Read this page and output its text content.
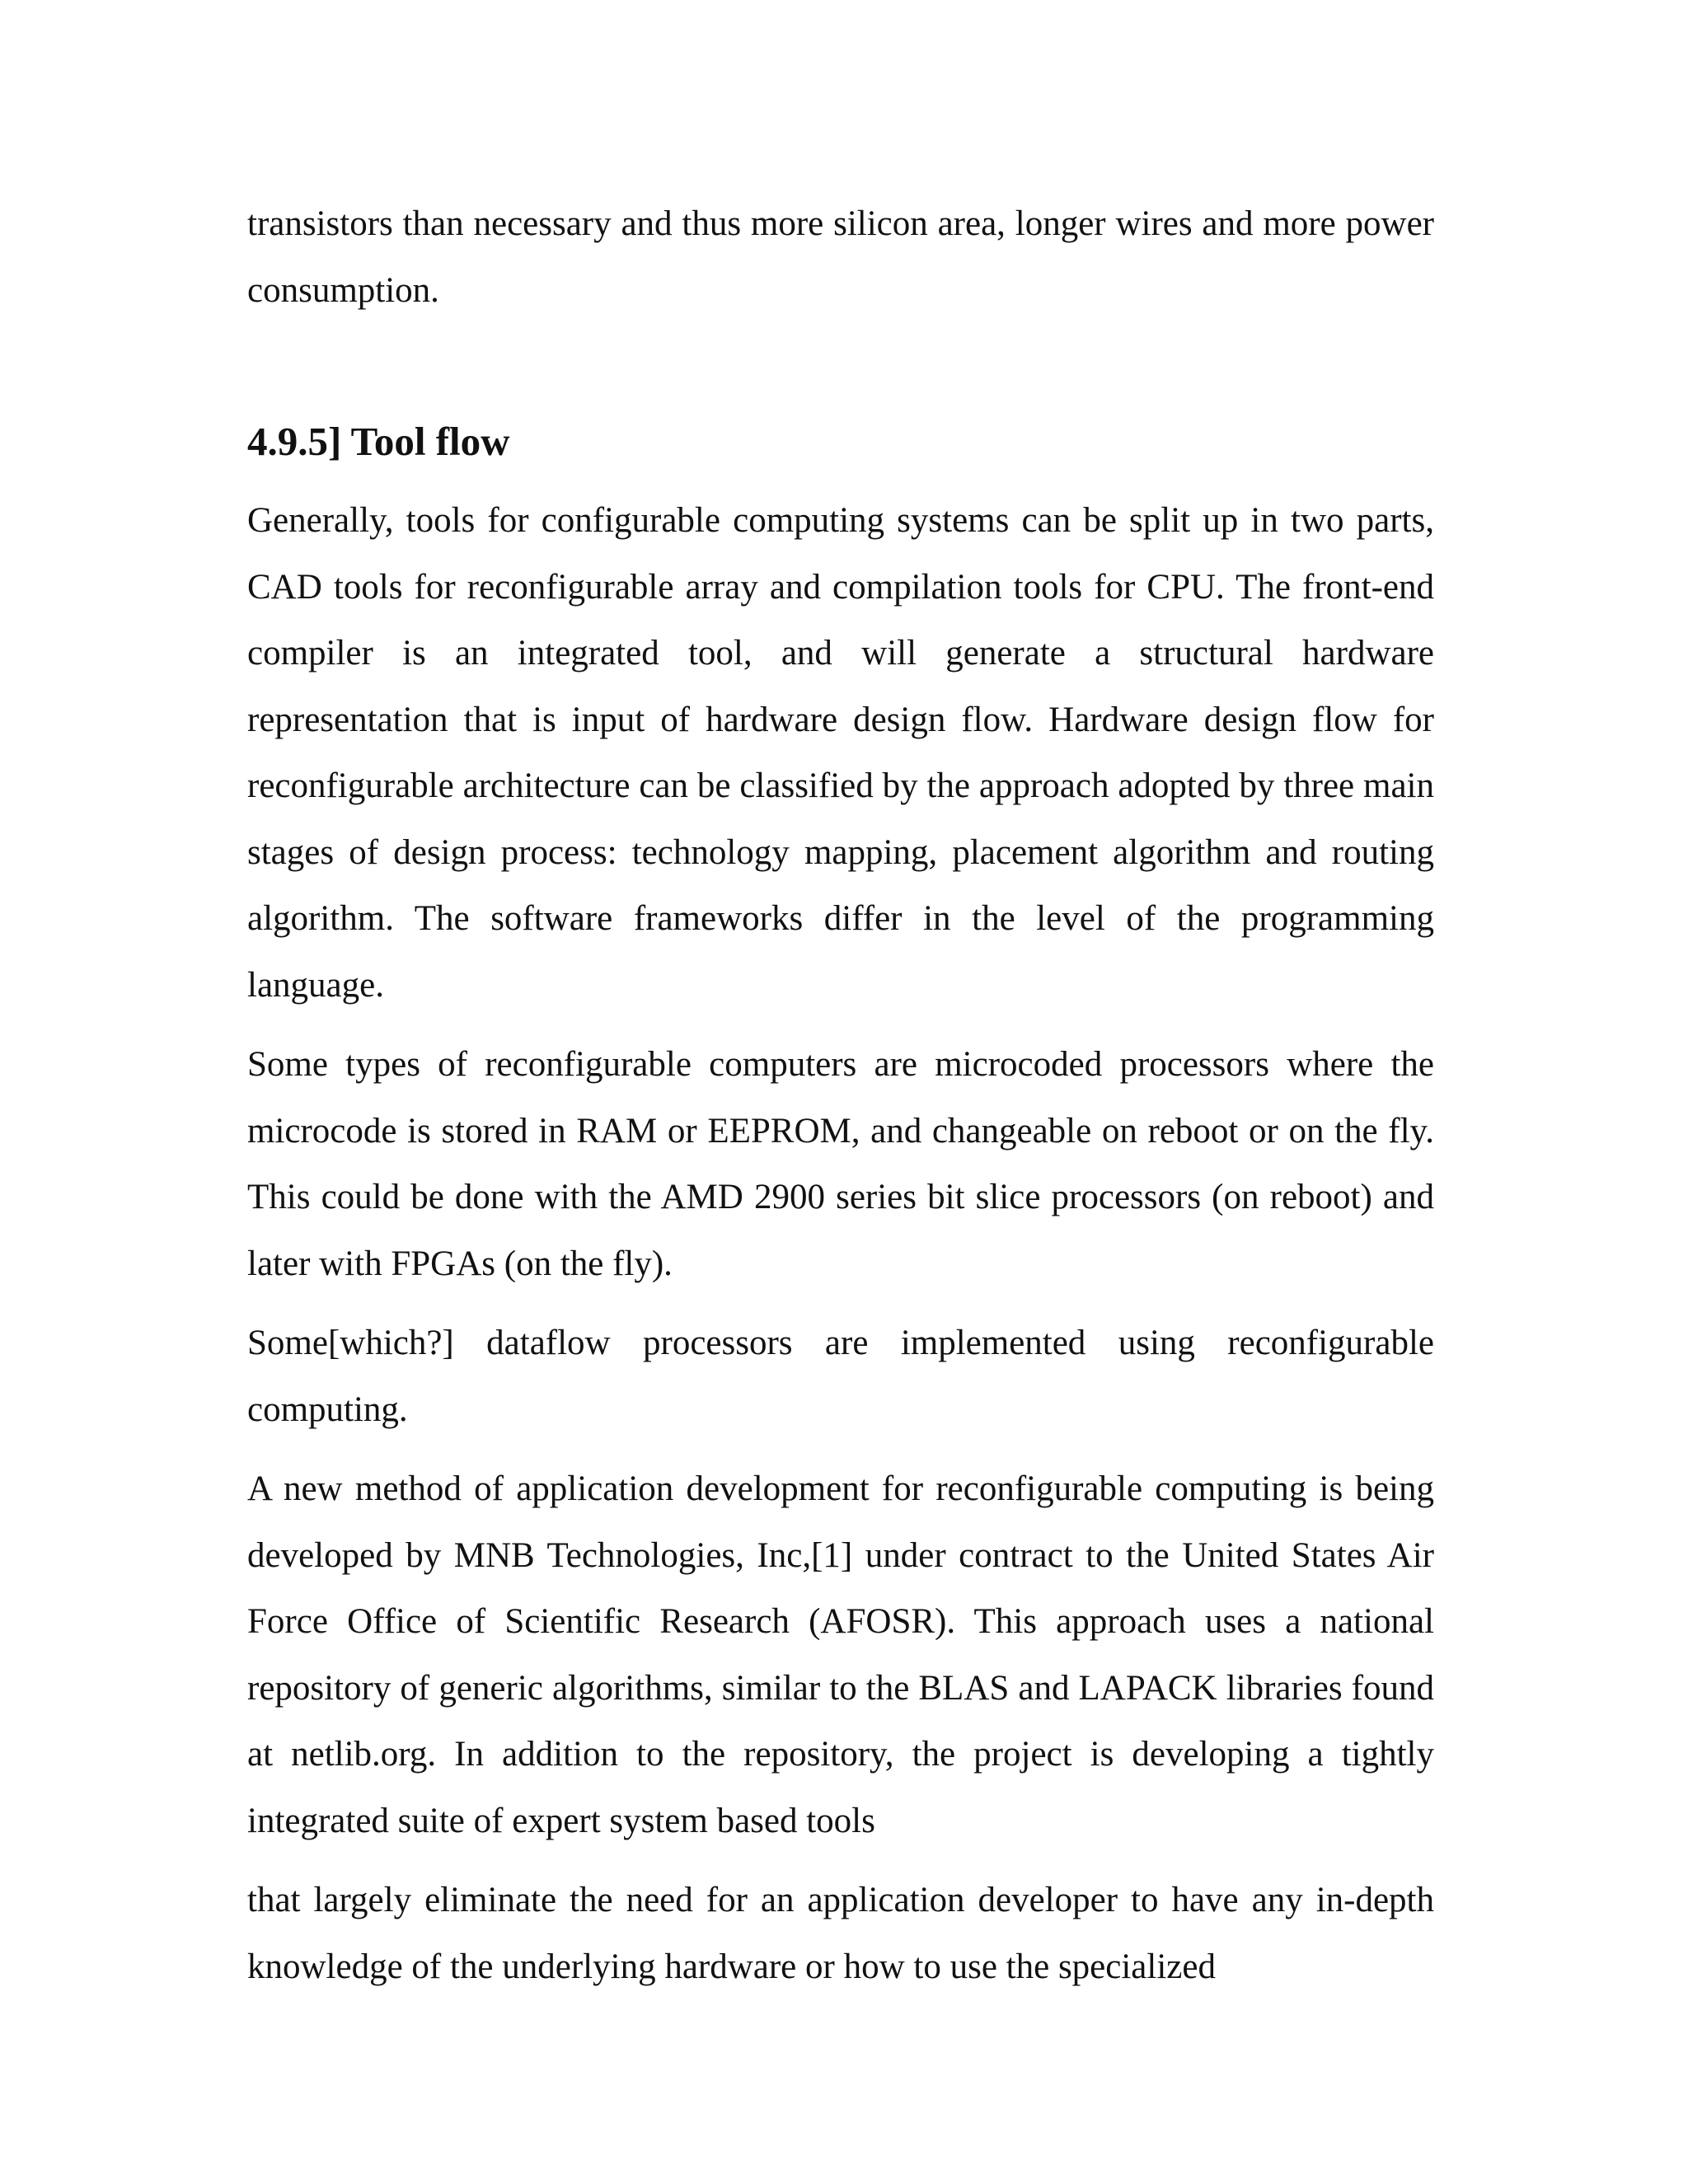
transistors than necessary and thus more silicon area, longer wires and more power consumption.

4.9.5] Tool flow

Generally, tools for configurable computing systems can be split up in two parts, CAD tools for reconfigurable array and compilation tools for CPU. The front-end compiler is an integrated tool, and will generate a structural hardware representation that is input of hardware design flow. Hardware design flow for reconfigurable architecture can be classified by the approach adopted by three main stages of design process: technology mapping, placement algorithm and routing algorithm. The software frameworks differ in the level of the programming language.

Some types of reconfigurable computers are microcoded processors where the microcode is stored in RAM or EEPROM, and changeable on reboot or on the fly. This could be done with the AMD 2900 series bit slice processors (on reboot) and later with FPGAs (on the fly).

Some[which?] dataflow processors are implemented using reconfigurable computing.

A new method of application development for reconfigurable computing is being developed by MNB Technologies, Inc,[1] under contract to the United States Air Force Office of Scientific Research (AFOSR). This approach uses a national repository of generic algorithms, similar to the BLAS and LAPACK libraries found at netlib.org. In addition to the repository, the project is developing a tightly integrated suite of expert system based tools

that largely eliminate the need for an application developer to have any in-depth knowledge of the underlying hardware or how to use the specialized
